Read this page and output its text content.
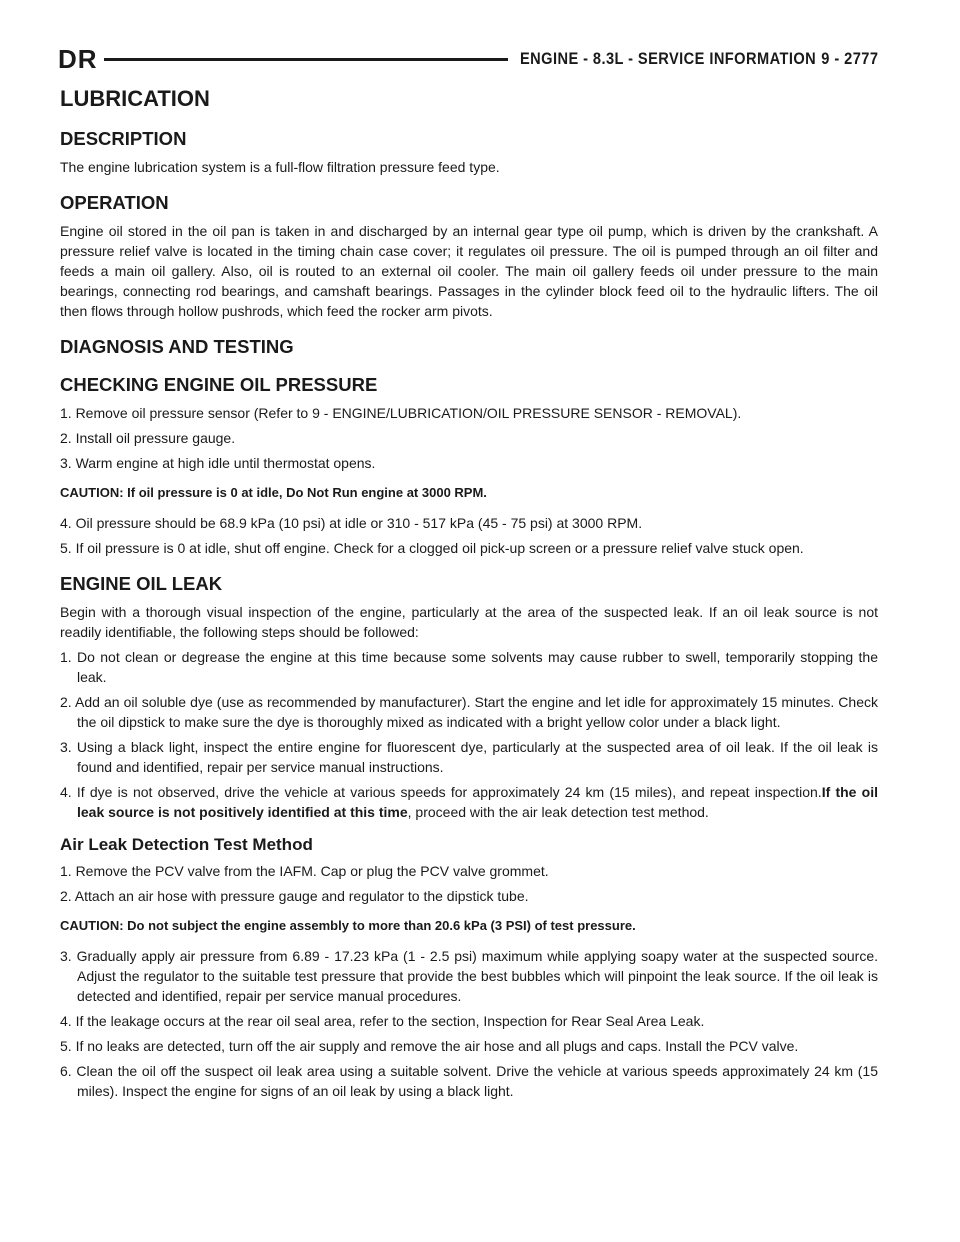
DR	ENGINE - 8.3L - SERVICE INFORMATION 9 - 2777
LUBRICATION
DESCRIPTION

The engine lubrication system is a full-flow filtration pressure feed type.

OPERATION

Engine oil stored in the oil pan is taken in and discharged by an internal gear type oil pump, which is driven by the crankshaft. A pressure relief valve is located in the timing chain case cover; it regulates oil pressure. The oil is pumped through an oil filter and feeds a main oil gallery. Also, oil is routed to an external oil cooler. The main oil gallery feeds oil under pressure to the main bearings, connecting rod bearings, and camshaft bearings. Passages in the cylinder block feed oil to the hydraulic lifters. The oil then flows through hollow pushrods, which feed the rocker arm pivots.

DIAGNOSIS AND TESTING
CHECKING ENGINE OIL PRESSURE
1. Remove oil pressure sensor (Refer to 9 - ENGINE/LUBRICATION/OIL PRESSURE SENSOR - REMOVAL).
2. Install oil pressure gauge.
3. Warm engine at high idle until thermostat opens.
CAUTION: If oil pressure is 0 at idle, Do Not Run engine at 3000 RPM.
4. Oil pressure should be 68.9 kPa (10 psi) at idle or 310 - 517 kPa (45 - 75 psi) at 3000 RPM.
5. If oil pressure is 0 at idle, shut off engine. Check for a clogged oil pick-up screen or a pressure relief valve stuck open.
ENGINE OIL LEAK

Begin with a thorough visual inspection of the engine, particularly at the area of the suspected leak. If an oil leak source is not readily identifiable, the following steps should be followed:

1. Do not clean or degrease the engine at this time because some solvents may cause rubber to swell, temporarily stopping the leak.
2. Add an oil soluble dye (use as recommended by manufacturer). Start the engine and let idle for approximately 15 minutes. Check the oil dipstick to make sure the dye is thoroughly mixed as indicated with a bright yellow color under a black light.
3. Using a black light, inspect the entire engine for fluorescent dye, particularly at the suspected area of oil leak. If the oil leak is found and identified, repair per service manual instructions.
4. If dye is not observed, drive the vehicle at various speeds for approximately 24 km (15 miles), and repeat inspection.If the oil leak source is not positively identified at this time, proceed with the air leak detection test method.
Air Leak Detection Test Method
1. Remove the PCV valve from the IAFM. Cap or plug the PCV valve grommet.
2. Attach an air hose with pressure gauge and regulator to the dipstick tube.
CAUTION: Do not subject the engine assembly to more than 20.6 kPa (3 PSI) of test pressure.
3. Gradually apply air pressure from 6.89 - 17.23 kPa (1 - 2.5 psi) maximum while applying soapy water at the suspected source. Adjust the regulator to the suitable test pressure that provide the best bubbles which will pinpoint the leak source. If the oil leak is detected and identified, repair per service manual procedures.
4. If the leakage occurs at the rear oil seal area, refer to the section, Inspection for Rear Seal Area Leak.
5. If no leaks are detected, turn off the air supply and remove the air hose and all plugs and caps. Install the PCV valve.
6. Clean the oil off the suspect oil leak area using a suitable solvent. Drive the vehicle at various speeds approximately 24 km (15 miles). Inspect the engine for signs of an oil leak by using a black light.
